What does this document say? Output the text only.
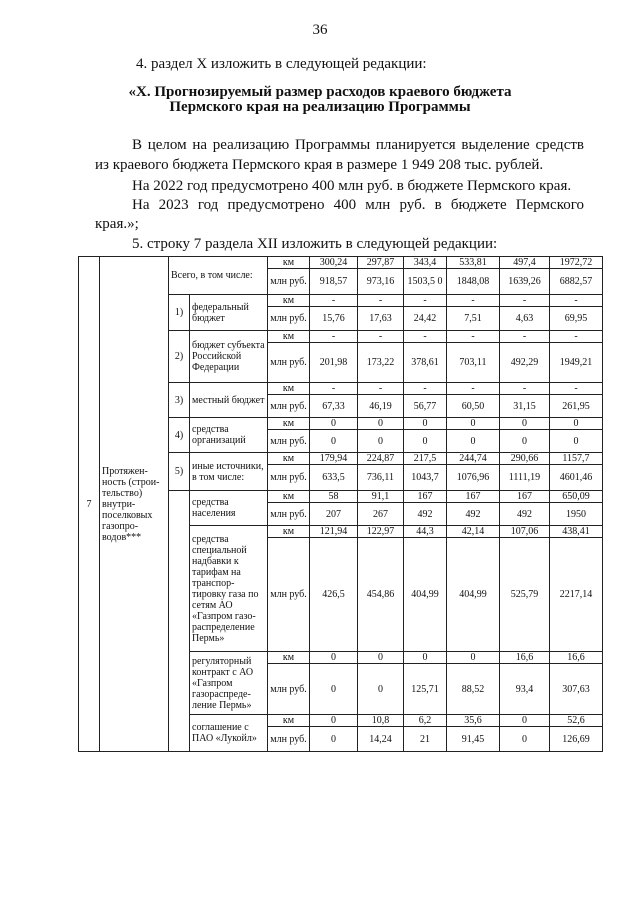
36
4. раздел X изложить в следующей редакции:
«X. Прогнозируемый размер расходов краевого бюджета
Пермского края на реализацию Программы
В целом на реализацию Программы планируется выделение средств
из краевого бюджета Пермского края в размере 1 949 208 тыс. рублей.
На 2022 год предусмотрено 400 млн руб. в бюджете Пермского края.
На 2023 год предусмотрено 400 млн руб. в бюджете Пермского
края.»;
5. строку 7 раздела XII изложить в следующей редакции:
7	Протяжен-ность (строи-тельство) внутри-поселковых газопро-водов***	Всего, в том числе:		км	300,24	297,87	343,4	533,81	497,4	1972,72
				млн руб.	918,57	973,16	1503,5 0	1848,08	1639,26	6882,57
		1)	федеральный бюджет	км	-	-	-	-	-	-
				млн руб.	15,76	17,63	24,42	7,51	4,63	69,95
		2)	бюджет субъекта Российской Федерации	км	-	-	-	-	-	-
				млн руб.	201,98	173,22	378,61	703,11	492,29	1949,21
		3)	местный бюджет	км	-	-	-	-	-	-
				млн руб.	67,33	46,19	56,77	60,50	31,15	261,95
		4)	средства организаций	км	0	0	0	0	0	0
				млн руб.	0	0	0	0	0	0
		5)	иные источники, в том числе:	км	179,94	224,87	217,5	244,74	290,66	1157,7
				млн руб.	633,5	736,11	1043,7	1076,96	1111,19	4601,46
			средства населения	км	58	91,1	167	167	167	650,09
				млн руб.	207	267	492	492	492	1950
			средства специальной надбавки к тарифам на транспор-тировку газа по сетям АО «Газпром газо-распределение Пермь»	км	121,94	122,97	44,3	42,14	107,06	438,41
				млн руб.	426,5	454,86	404,99	404,99	525,79	2217,14
			регуляторный контракт с АО «Газпром газораспреде-ление Пермь»	км	0	0	0	0	16,6	16,6
				млн руб.	0	0	125,71	88,52	93,4	307,63
			соглашение с ПАО «Лукойл»	км	0	10,8	6,2	35,6	0	52,6
				млн руб.	0	14,24	21	91,45	0	126,69
